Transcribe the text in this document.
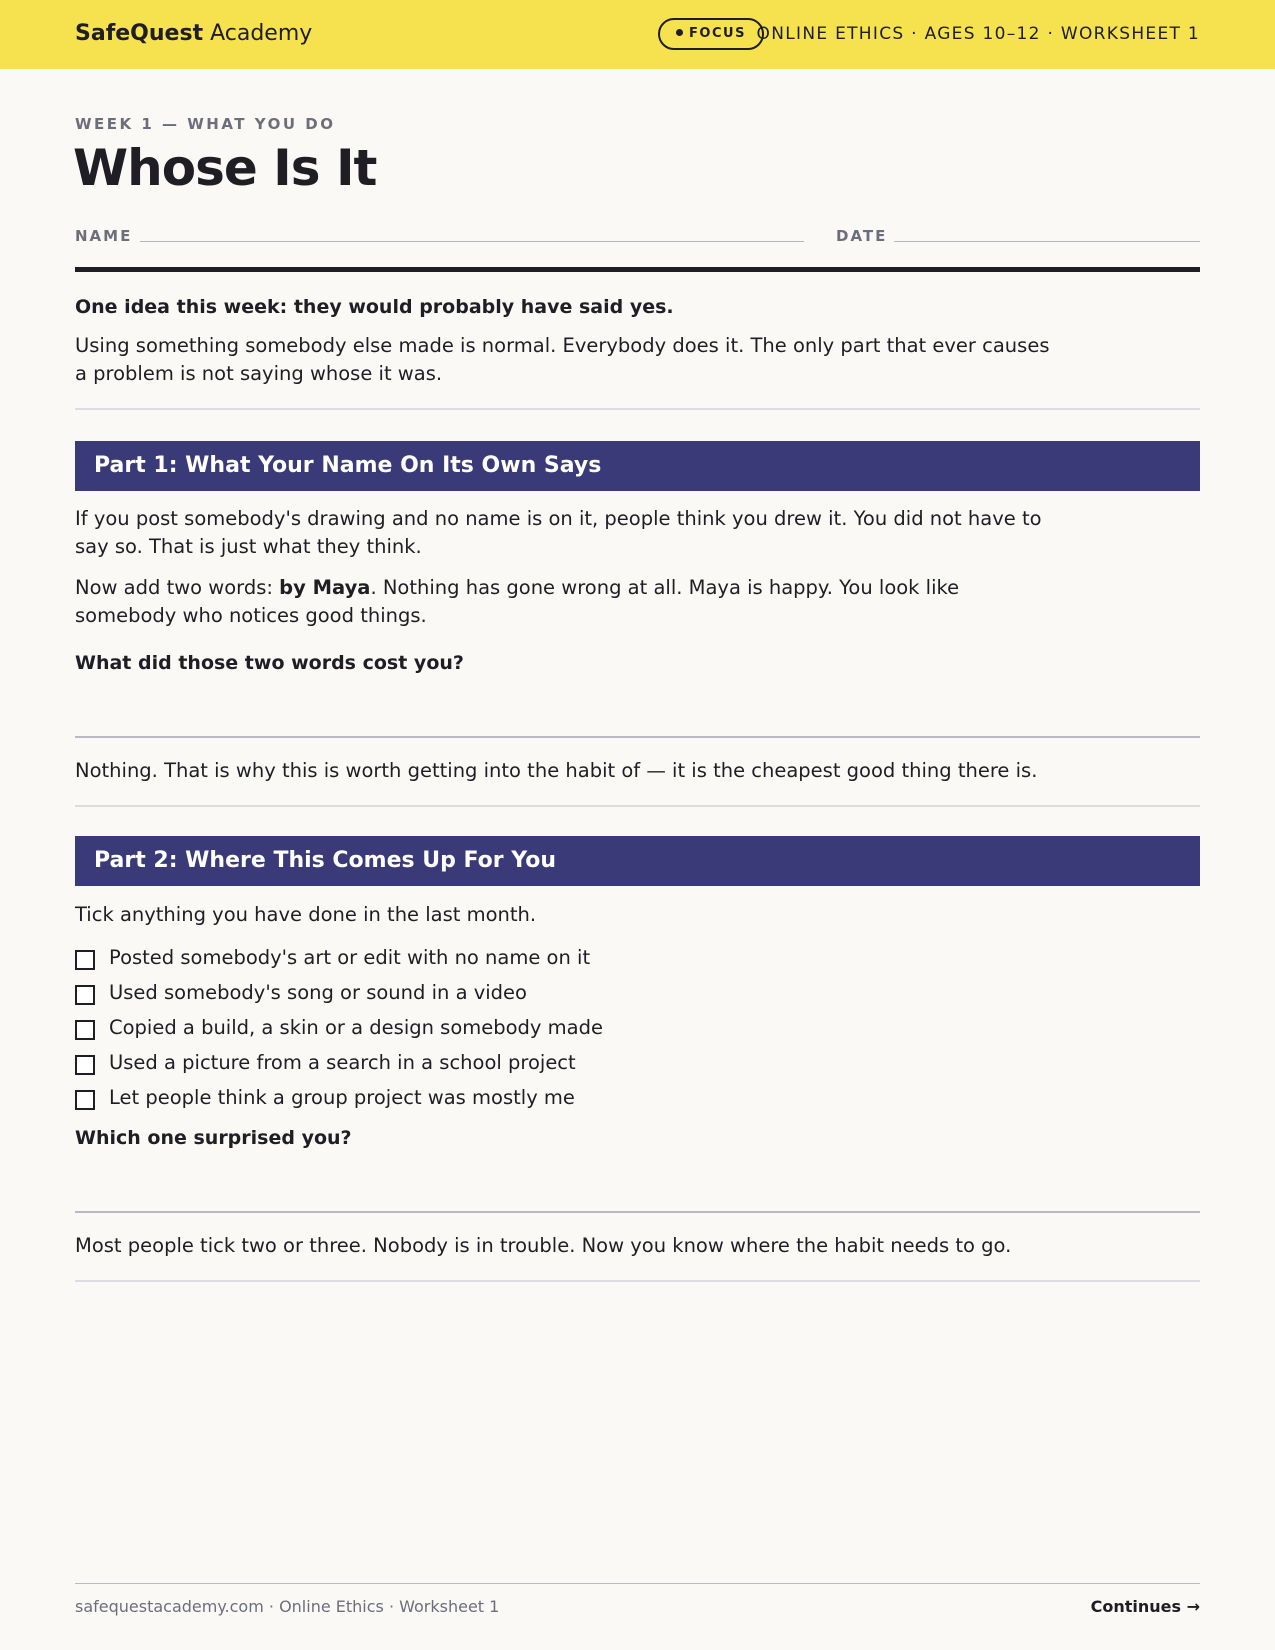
SafeQuest Academy	FOCUS ONLINE ETHICS · AGES 10–12 · WORKSHEET 1
WEEK 1 — WHAT YOU DO
Whose Is It
NAME	DATE
One idea this week: they would probably have said yes.
Using something somebody else made is normal. Everybody does it. The only part that ever causes a problem is not saying whose it was.
Part 1: What Your Name On Its Own Says
If you post somebody's drawing and no name is on it, people think you drew it. You did not have to say so. That is just what they think.
Now add two words: by Maya. Nothing has gone wrong at all. Maya is happy. You look like somebody who notices good things.
What did those two words cost you?
Nothing. That is why this is worth getting into the habit of — it is the cheapest good thing there is.
Part 2: Where This Comes Up For You
Tick anything you have done in the last month.
Posted somebody's art or edit with no name on it
Used somebody's song or sound in a video
Copied a build, a skin or a design somebody made
Used a picture from a search in a school project
Let people think a group project was mostly me
Which one surprised you?
Most people tick two or three. Nobody is in trouble. Now you know where the habit needs to go.
safequestacademy.com · Online Ethics · Worksheet 1	Continues →
